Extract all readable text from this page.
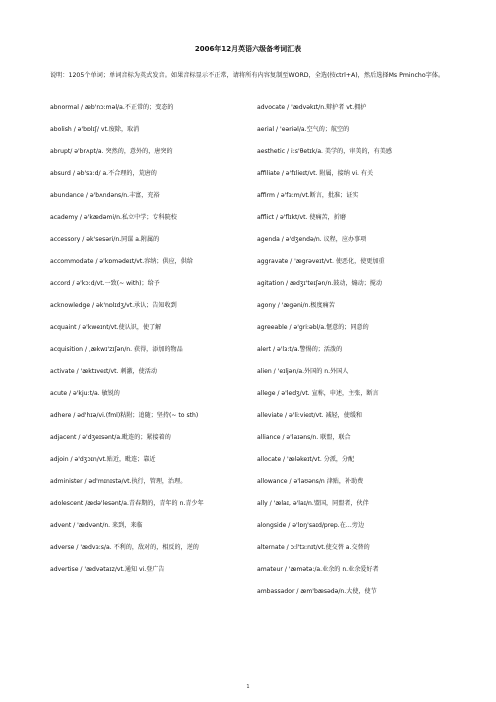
2006年12月英语六级备考词汇表
说明：1205个单词；单词音标为英式发音。如果音标显示不正常，请将所有内容复制至WORD，全选(按ctrl+A)，然后选择Ms Pmincho字体。
abnormal / æb'nɔ:məl/a.不正常的；变态的
abolish / ə'bɒlɪʃ/ vt.废除，取消
abrupt/ ə'brʌpt/a. 突然的，意外的，唐突的
absurd / əb'sɜ:d/ a.不合理的，荒唐的
abundance / ə'bʌndəns/n.丰富，充裕
academy / ə'kædəmi/n.私立中学；专科院校
accessory / ək'sesəri/n.同谋 a.附属的
accommodate / ə'kɒmədeɪt/vt.容纳；供应，供给
accord / ə'kɔ:d/vt.一致(~ with)；给予
acknowledge / ək'nɒlɪdʒ/vt.承认；告知收到
acquaint / ə'kweɪnt/vt.使认识，使了解
acquisition / ˌækwɪ'zɪʃən/n. 获得，添加的物品
activate / 'æktɪveɪt/vt. 刺激，使活动
acute / ə'kju:t/a. 敏锐的
adhere / əd'hɪə/vi.(fml)粘附；追随；坚持(~ to sth)
adjacent / ə'dʒeɪsənt/a.毗连的；紧接着的
adjoin / ə'dʒɔɪn/vt.贴近，毗连；靠近
administer / əd'mɪnɪstə/vt.执行，管理，治理。
adolescent /ædə'lesənt/a.青春期的，青年的 n.青少年
advent / 'ædvənt/n. 来到，来临
adverse / 'ædvɜ:s/a. 不利的，敌对的，相反的，逆的
advertise / 'ædvətaɪz/vt.通知 vi.登广告
advocate / 'ædvəkɪt/n.辩护者 vt.拥护
aerial / 'eəriəl/a.空气的；航空的
aesthetic / i:s'θetɪk/a. 美学的，审美的，有美感
affiliate / ə'fɪlieɪt/vt. 附属，接纳 vi. 有关
affirm / ə'fɜ:m/vt.断言，批准；证实
afflict / ə'flɪkt/vt. 使痛苦，折磨
agenda / ə'dʒendə/n. 议程，应办事项
aggravate / 'ægrəveɪt/vt. 使恶化，使更加重
agitation / ædʒɪ'teɪʃən/n.鼓动，煽动；搅动
agony / 'ægəni/n.极度痛苦
agreeable / ə'gri:əbl/a.惬意的；同意的
alert / ə'lɜ:t/a.警惕的；活泼的
alien / 'eɪljən/a.外国的 n.外国人
allege / ə'ledʒ/vt. 宣称，申述，主张，断言
alleviate / ə'li:vieɪt/vt. 减轻，使缓和
alliance / ə'laɪəns/n. 联盟，联合
allocate / 'æləkeɪt/vt. 分派，分配
allowance / ə'laʊəns/n 津贴，补助费
ally / 'ælaɪ, ə'laɪ/n.盟国，同盟者，伙伴
alongside / ə'lɒŋ'saɪd/prep.在…旁边
alternate / ɔ:l'tɜ:nɪt/vt.使交替 a.交替的
amateur / 'æmətə:/a.业余的 n.业余爱好者
ambassador / æm'bæsədə/n.大使，使节
1
